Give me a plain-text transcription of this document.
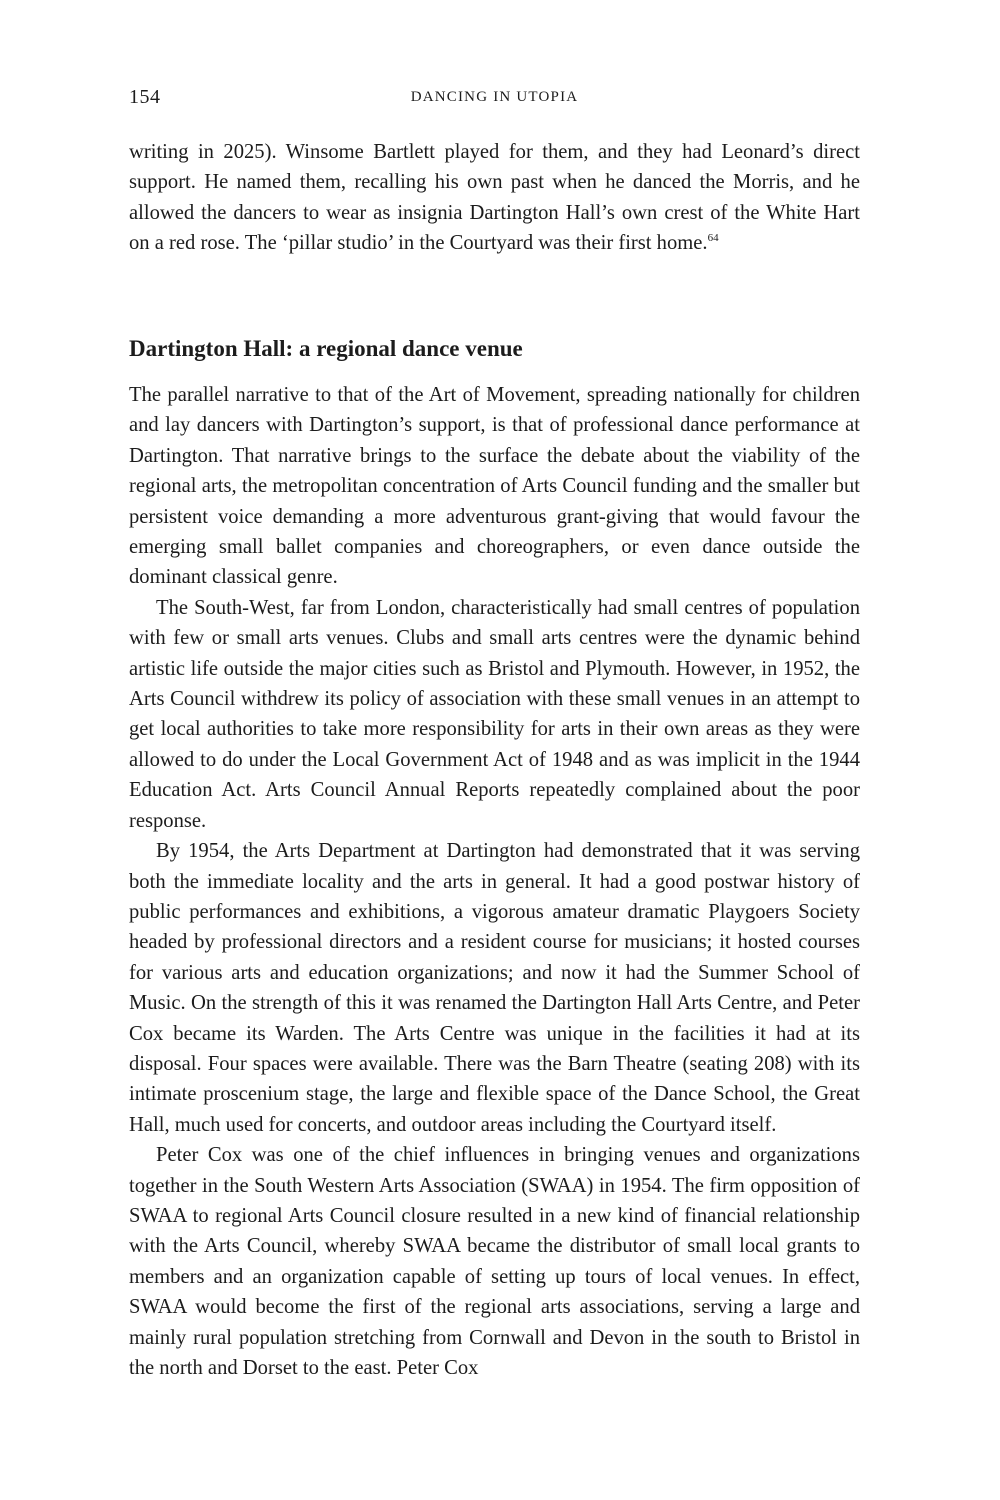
154	DANCING IN UTOPIA

writing in 2025). Winsome Bartlett played for them, and they had Leonard’s direct support. He named them, recalling his own past when he danced the Morris, and he allowed the dancers to wear as insignia Dartington Hall’s own crest of the White Hart on a red rose. The ‘pillar studio’ in the Courtyard was their first home.$^{64}$

Dartington Hall: a regional dance venue

The parallel narrative to that of the Art of Movement, spreading nationally for children and lay dancers with Dartington’s support, is that of professional dance performance at Dartington. That narrative brings to the surface the debate about the viability of the regional arts, the metropolitan concentration of Arts Council funding and the smaller but persistent voice demanding a more adventurous grant-giving that would favour the emerging small ballet companies and choreographers, or even dance outside the dominant classical genre.

The South-West, far from London, characteristically had small centres of population with few or small arts venues. Clubs and small arts centres were the dynamic behind artistic life outside the major cities such as Bristol and Plymouth. However, in 1952, the Arts Council withdrew its policy of association with these small venues in an attempt to get local authorities to take more responsibility for arts in their own areas as they were allowed to do under the Local Government Act of 1948 and as was implicit in the 1944 Education Act. Arts Council Annual Reports repeatedly complained about the poor response.

By 1954, the Arts Department at Dartington had demonstrated that it was serving both the immediate locality and the arts in general. It had a good postwar history of public performances and exhibitions, a vigorous amateur dramatic Playgoers Society headed by professional directors and a resident course for musicians; it hosted courses for various arts and education organizations; and now it had the Summer School of Music. On the strength of this it was renamed the Dartington Hall Arts Centre, and Peter Cox became its Warden. The Arts Centre was unique in the facilities it had at its disposal. Four spaces were available. There was the Barn Theatre (seating 208) with its intimate proscenium stage, the large and flexible space of the Dance School, the Great Hall, much used for concerts, and outdoor areas including the Courtyard itself.

Peter Cox was one of the chief influences in bringing venues and organizations together in the South Western Arts Association (SWAA) in 1954. The firm opposition of SWAA to regional Arts Council closure resulted in a new kind of financial relationship with the Arts Council, whereby SWAA became the distributor of small local grants to members and an organization capable of setting up tours of local venues. In effect, SWAA would become the first of the regional arts associations, serving a large and mainly rural population stretching from Cornwall and Devon in the south to Bristol in the north and Dorset to the east. Peter Cox
